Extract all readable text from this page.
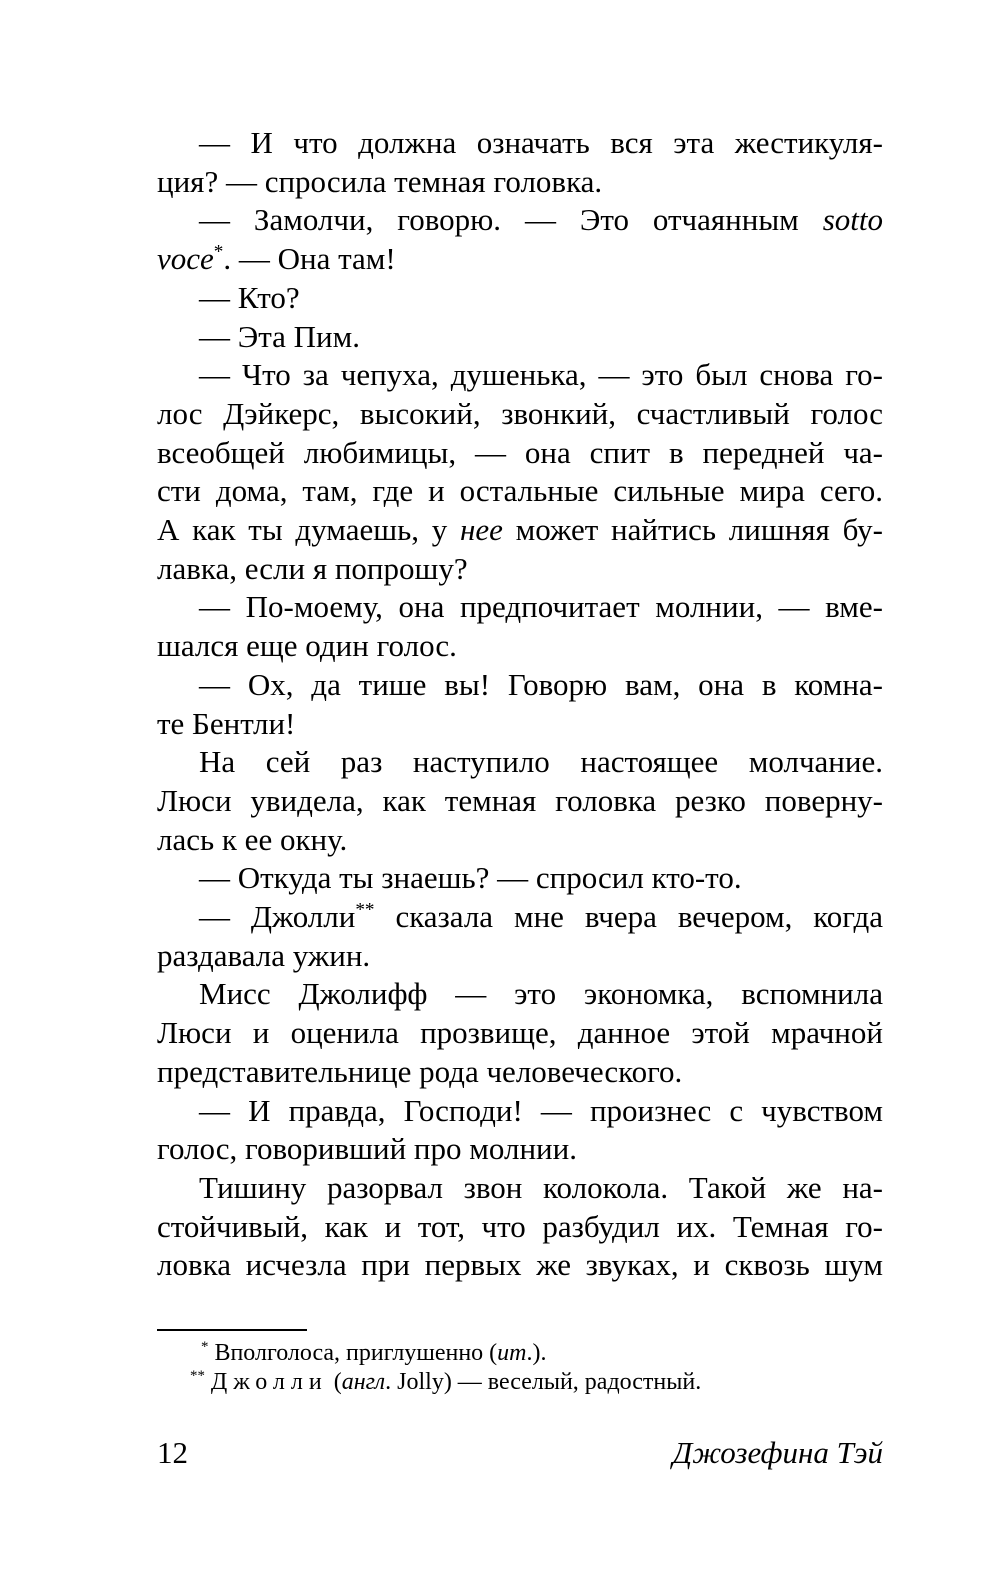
— И что должна означать вся эта жестикуля-
ция? — спросила темная головка.
— Замолчи, говорю. — Это отчаянным sotto
voce*. — Она там!
— Кто?
— Эта Пим.
— Что за чепуха, душенька, — это был снова го-
лос Дэйкерс, высокий, звонкий, счастливый голос
всеобщей любимицы, — она спит в передней ча-
сти дома, там, где и остальные сильные мира сего.
А как ты думаешь, у нее может найтись лишняя бу-
лавка, если я попрошу?
— По-моему, она предпочитает молнии, — вме-
шался еще один голос.
— Ох, да тише вы! Говорю вам, она в комна-
те Бентли!
На сей раз наступило настоящее молчание.
Люси увидела, как темная головка резко поверну-
лась к ее окну.
— Откуда ты знаешь? — спросил кто-то.
— Джолли** сказала мне вчера вечером, когда
раздавала ужин.
Мисс Джолифф — это экономка, вспомнила
Люси и оценила прозвище, данное этой мрачной
представительнице рода человеческого.
— И правда, Господи! — произнес с чувством
голос, говоривший про молнии.
Тишину разорвал звон колокола. Такой же на-
стойчивый, как и тот, что разбудил их. Темная го-
ловка исчезла при первых же звуках, и сквозь шум
* Вполголоса, приглушенно (ит.).
** Джолли (англ. Jolly) — веселый, радостный.
12	Джозефина Тэй
